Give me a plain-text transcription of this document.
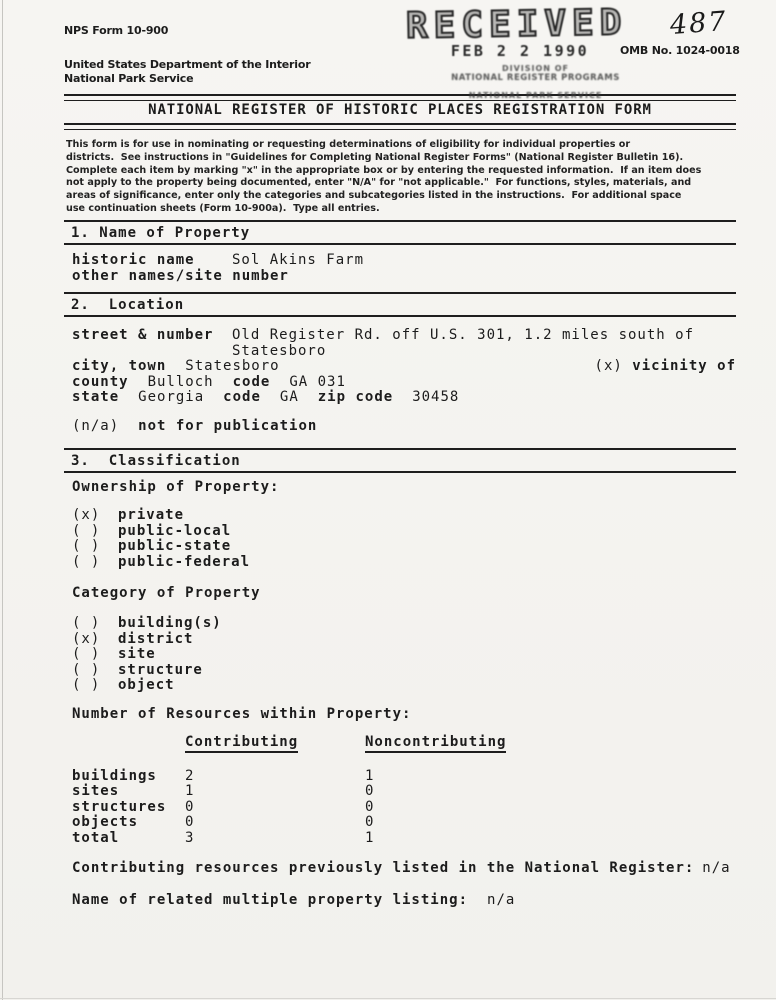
NPS Form 10-900
United States Department of the Interior
National Park Service
RECEIVED
FEB 2 2 1990
487
OMB No. 1024-0018
DIVISION OF
NATIONAL REGISTER PROGRAMS
NATIONAL PARK SERVICE
NATIONAL REGISTER OF HISTORIC PLACES REGISTRATION FORM
This form is for use in nominating or requesting determinations of eligibility for individual properties or
districts.  See instructions in "Guidelines for Completing National Register Forms" (National Register Bulletin 16).
Complete each item by marking "x" in the appropriate box or by entering the requested information.  If an item does
not apply to the property being documented, enter "N/A" for "not applicable."  For functions, styles, materials, and
areas of significance, enter only the categories and subcategories listed in the instructions.  For additional space
use continuation sheets (Form 10-900a).  Type all entries.
1. Name of Property
historic name	Sol Akins Farm
other names/site number
2.  Location
street & number Old Register Rd. off U.S. 301, 1.2 miles south of
Statesboro
city, town Statesboro	(x) vicinity of
county Bulloch code GA 031
state Georgia code GA zip code 30458
(n/a) not for publication
3.  Classification
Ownership of Property:
(x) private
( ) public-local
( ) public-state
( ) public-federal
Category of Property
( ) building(s)
(x) district
( ) site
( ) structure
( ) object
Number of Resources within Property:
Contributing	Noncontributing
buildings 2	1
sites	1	0
structures 0	0
objects	0	0
total	3	1
Contributing resources previously listed in the National Register: n/a
Name of related multiple property listing: n/a
